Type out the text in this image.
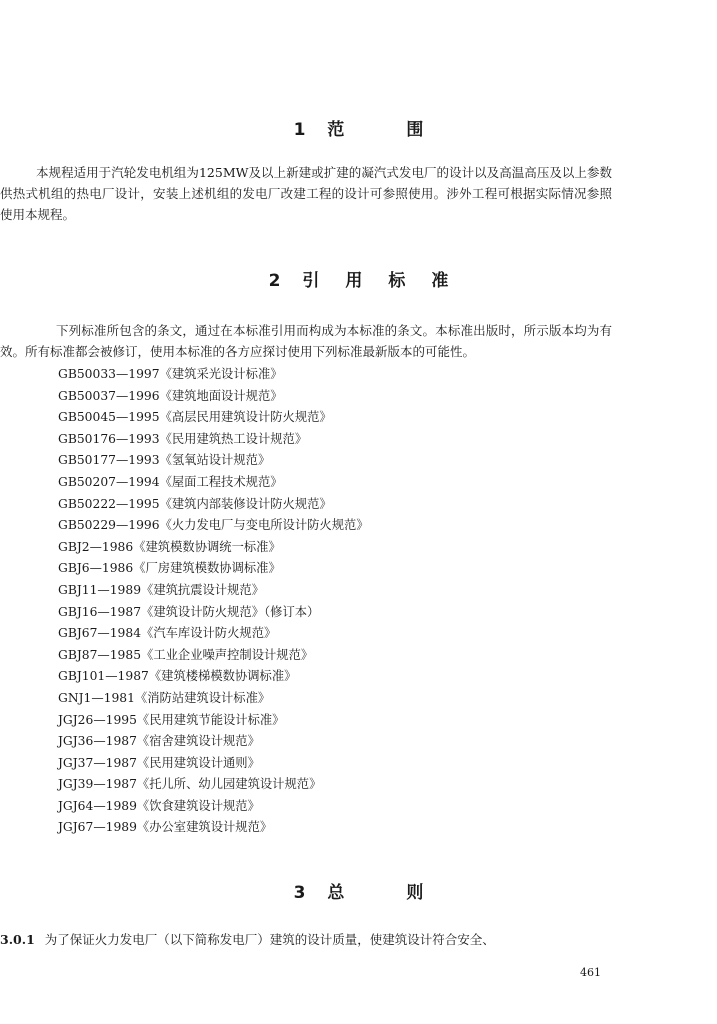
1 范	围

本规程适用于汽轮发电机组为125MW及以上新建或扩建的凝汽式发电厂的设计以及高温高压及以上参数供热式机组的热电厂设计，安装上述机组的发电厂改建工程的设计可参照使用。涉外工程可根据实际情况参照使用本规程。

2 引 用 标 准

下列标准所包含的条文，通过在本标准引用而构成为本标准的条文。本标准出版时，所示版本均为有效。所有标准都会被修订，使用本标准的各方应探讨使用下列标准最新版本的可能性。

GB50033—1997《建筑采光设计标准》
GB50037—1996《建筑地面设计规范》
GB50045—1995《高层民用建筑设计防火规范》
GB50176—1993《民用建筑热工设计规范》
GB50177—1993《氢氧站设计规范》
GB50207—1994《屋面工程技术规范》
GB50222—1995《建筑内部装修设计防火规范》
GB50229—1996《火力发电厂与变电所设计防火规范》
GBJ2—1986《建筑模数协调统一标准》
GBJ6—1986《厂房建筑模数协调标准》
GBJ11—1989《建筑抗震设计规范》
GBJ16—1987《建筑设计防火规范》（修订本）
GBJ67—1984《汽车库设计防火规范》
GBJ87—1985《工业企业噪声控制设计规范》
GBJ101—1987《建筑楼梯模数协调标准》
GNJ1—1981《消防站建筑设计标准》
JGJ26—1995《民用建筑节能设计标准》
JGJ36—1987《宿舍建筑设计规范》
JGJ37—1987《民用建筑设计通则》
JGJ39—1987《托儿所、幼儿园建筑设计规范》
JGJ64—1989《饮食建筑设计规范》
JGJ67—1989《办公室建筑设计规范》
3 总	则
3.0.1 为了保证火力发电厂（以下简称发电厂）建筑的设计质量，使建筑设计符合安全、
461
